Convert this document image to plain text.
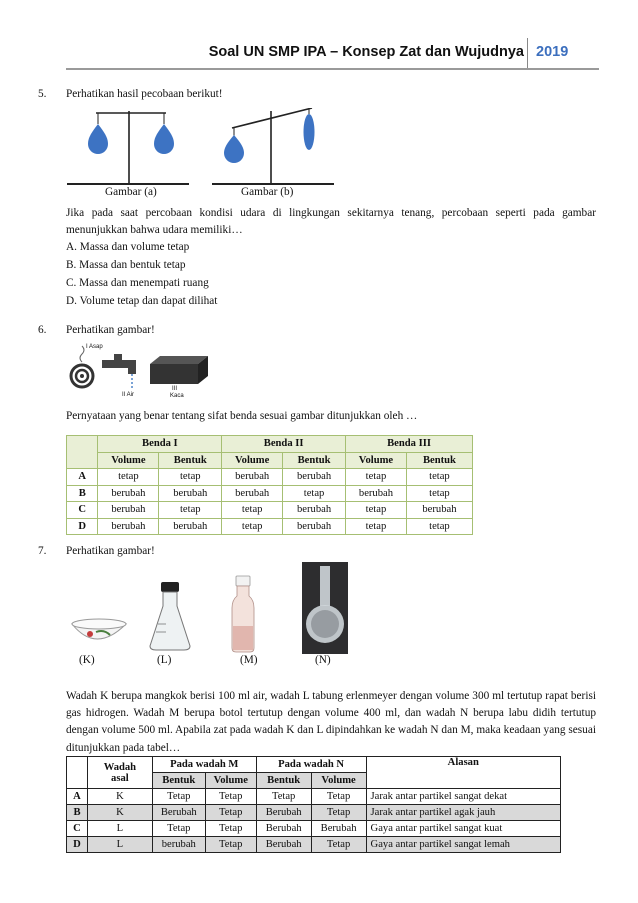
Soal UN SMP IPA – Konsep Zat dan Wujudnya 2019
5. Perhatikan hasil pecobaan berikut!
Gambar (a)	Gambar (b)
Jika pada saat percobaan kondisi udara di lingkungan sekitarnya tenang, percobaan seperti pada gambar menunjukkan bahwa udara memiliki…
A. Massa dan volume tetap
B. Massa dan bentuk tetap
C. Massa dan menempati ruang
D. Volume tetap dan dapat dilihat
6. Perhatikan gambar!
I Asap
II Air
III
Kaca
Pernyataan yang benar tentang sifat benda sesuai gambar ditunjukkan oleh …
	Benda I		Benda II		Benda III	
	Volume	Bentuk	Volume	Bentuk	Volume	Bentuk
A	tetap	tetap	berubah	berubah	tetap	tetap
B	berubah	berubah	berubah	tetap	berubah	tetap
C	berubah	tetap	tetap	berubah	tetap	berubah
D	berubah	berubah	tetap	berubah	tetap	tetap
7. Perhatikan gambar!
(K)	(L)	(M)	(N)
Wadah K berupa mangkok berisi 100 ml air, wadah L tabung erlenmeyer dengan volume 300 ml tertutup rapat berisi gas hidrogen. Wadah M berupa botol tertutup dengan volume 400 ml, dan wadah N berupa labu didih tertutup dengan volume 500 ml. Apabila zat pada wadah K dan L dipindahkan ke wadah N dan M, maka keadaan yang sesuai ditunjukkan pada tabel…

	Wadah
asal	Pada wadah M		Pada wadah N		Alasan
		Bentuk	Volume	Bentuk	Volume	
A	K	Tetap	Tetap	Tetap	Tetap	Jarak antar partikel sangat dekat
B	K	Berubah	Tetap	Berubah	Tetap	Jarak antar partikel agak jauh
C	L	Tetap	Tetap	Berubah	Berubah	Gaya antar partikel sangat kuat
D	L	berubah	Tetap	Berubah	Tetap	Gaya antar partikel sangat lemah
